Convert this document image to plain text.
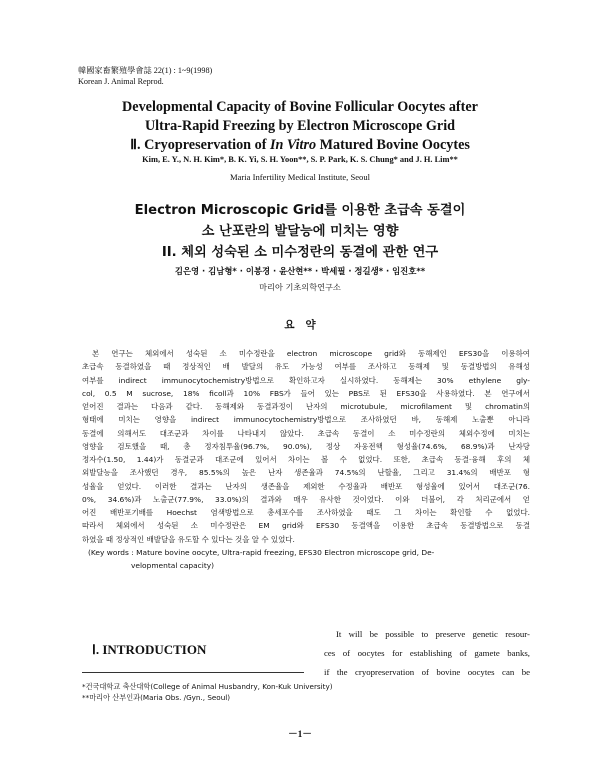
韓國家畜繁殖學會誌 22(1) : 1~9(1998)
Korean J. Animal Reprod.
Developmental Capacity of Bovine Follicular Oocytes after
Ultra-Rapid Freezing by Electron Microscope Grid
Ⅱ. Cryopreservation of In Vitro Matured Bovine Oocytes
Kim, E. Y., N. H. Kim*, B. K. Yi, S. H. Yoon**, S. P. Park, K. S. Chung* and J. H. Lim**
Maria Infertility Medical Institute, Seoul
Electron Microscopic Grid를 이용한 초급속 동결이
소 난포란의 발달능에 미치는 영향
II. 체외 성숙된 소 미수정란의 동결에 관한 연구
김은영 · 김남형* · 이봉경 · 윤산현** · 박세필 · 정길생* · 임진호**
마리아 기초의학연구소
요   약
본 연구는 체외에서 성숙된 소 미수정란을 electron microscope grid와 동해제인 EFS30을 이용하여
초급속 동결하였을 때 정상적인 배 발달의 유도 가능성 여부를 조사하고 동해제 및 동결방법의 유해성
여부를 indirect immunocytochemistry방법으로 확인하고자 실시하였다. 동해제는 30% ethylene gly-
col, 0.5 M sucrose, 18% ficoll과 10% FBS가 들어 있는 PBS로 된 EFS30을 사용하였다. 본 연구에서
얻어진 결과는 다음과 같다. 동해제와 동결과정이 난자의 microtubule, microfilament 및 chromatin의
형태에 미치는 영향을 indirect immunocytochemistry방법으로 조사하였던 바, 동해제 노출뿐 아니라
동결에 의해서도 대조군과 차이를 나타내지 않았다. 초급속 동결이 소 미수정란의 체외수정에 미치는
영향을 검토했을 때, 총 정자침투율(96.7%, 90.0%), 정상 자웅전핵 형성율(74.6%, 68.9%)과 난자당
정자수(1.50, 1.44)가 동결군과 대조군에 있어서 차이는 볼 수 없었다. 또한, 초급속 동결·융해 후의 체
외발달능을 조사했던 경우, 85.5%의 높은 난자 생존율과 74.5%의 난할율, 그리고 31.4%의 배반포 형
성율을 얻었다. 이러한 결과는 난자의 생존율을 제외한 수정율과 배반포 형성율에 있어서 대조군(76.
0%, 34.6%)과 노출군(77.9%, 33.0%)의 결과와 매우 유사한 것이었다. 이와 더불어, 각 처리군에서 얻
어진 배반포기배를 Hoechst 염색방법으로 총세포수를 조사하였을 때도 그 차이는 확인할 수 없었다.
따라서 체외에서 성숙된 소 미수정란은 EM grid와 EFS30 동결액을 이용한 초급속 동결방법으로 동결
하였을 때 정상적인 배발달을 유도할 수 있다는 것을 알 수 있었다.
(Key words : Mature bovine oocyte, Ultra-rapid freezing, EFS30 Electron microscope grid, De-
velopmental capacity)
Ⅰ. INTRODUCTION
It will be possible to preserve genetic resour-
ces of oocytes for establishing of gamete banks,
if the cryopreservation of bovine oocytes can be
*건국대학교 축산대학(College of Animal Husbandry, Kon-Kuk University)
**마리아 산부인과(Maria Obs. /Gyn., Seoul)
－1－
